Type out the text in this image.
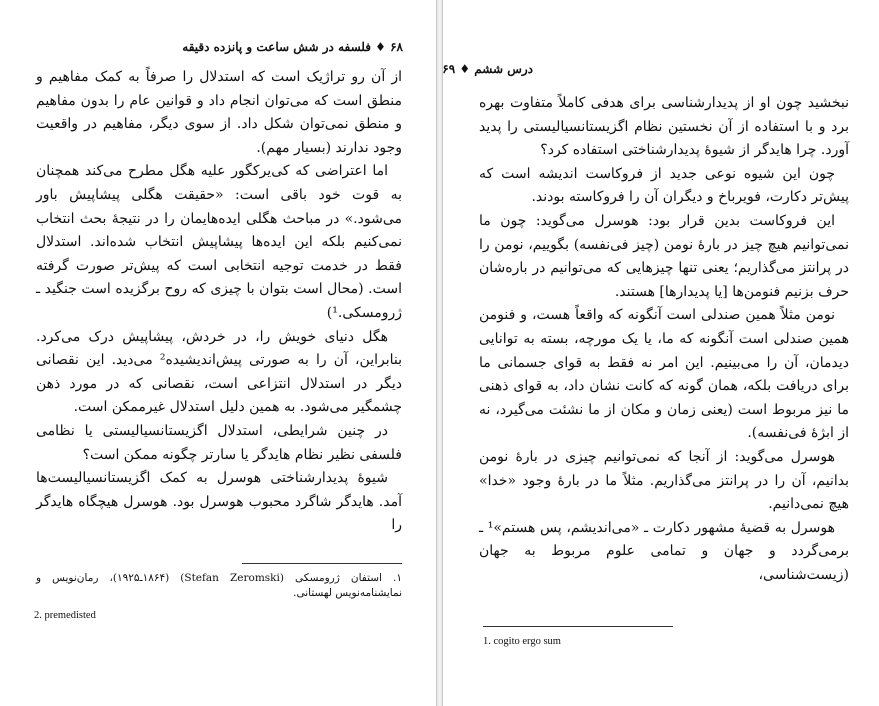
۶۸ ♦ فلسفه در شش ساعت و پانزده دقیقه

از آن رو تراژیک است که استدلال را صرفاً به کمک مفاهیم و منطق است که می‌توان انجام داد و قوانین عام را بدون مفاهیم و منطق نمی‌توان شکل داد. از سوی دیگر، مفاهیم در واقعیت وجود ندارند (بسیار مهم).

اما اعتراضی که کی‌یرکگور علیه هگل مطرح می‌کند همچنان به قوت خود باقی است: «حقیقت هگلی پیشاپیش باور می‌شود.» در مباحث هگلی ایده‌هایمان را در نتیجهٔ بحث انتخاب نمی‌کنیم بلکه این ایده‌ها پیشاپیش انتخاب شده‌اند. استدلال فقط در خدمت توجیه انتخابی است که پیش‌تر صورت گرفته است. (محال است بتوان با چیزی که روح برگزیده است جنگید ـ ژرومسکی.¹)

هگل دنیای خویش را، در خردش، پیشاپیش درک می‌کرد. بنابراین، آن را به صورتی پیش‌اندیشیده² می‌دید. این نقصانی دیگر در استدلال انتزاعی است، نقصانی که در مورد ذهن چشمگیر می‌شود. به همین دلیل استدلال غیرممکن است.

در چنین شرایطی، استدلال اگزیستانسیالیستی یا نظامی فلسفی نظیر نظام هایدگر یا سارتر چگونه ممکن است؟

شیوهٔ پدیدارشناختی هوسرل به کمک اگزیستانسیالیست‌ها آمد. هایدگر شاگرد محبوب هوسرل بود. هوسرل هیچگاه هایدگر را

۱. استفان ژرومسکی (Stefan Zeromski) (۱۸۶۴ـ۱۹۲۵)، رمان‌نویس و نمایشنامه‌نویس لهستانی.
2. premedisted
درس ششم ♦ ۶۹

نبخشید چون او از پدیدارشناسی برای هدفی کاملاً متفاوت بهره برد و با استفاده از آن نخستین نظام اگزیستانسیالیستی را پدید آورد. چرا هایدگر از شیوهٔ پدیدارشناختی استفاده کرد؟

چون این شیوه نوعی جدید از فروکاست اندیشه است که پیش‌تر دکارت، فویرباخ و دیگران آن را فروکاسته بودند.

این فروکاست بدین قرار بود: هوسرل می‌گوید: چون ما نمی‌توانیم هیچ چیز در بارهٔ نومن (چیز فی‌نفسه) بگوییم، نومن را در پرانتز می‌گذاریم؛ یعنی تنها چیزهایی که می‌توانیم در باره‌شان حرف بزنیم فنومن‌ها [یا پدیدارها] هستند.

نومن مثلاً همین صندلی است آنگونه که واقعاً هست، و فنومن همین صندلی است آنگونه که ما، یا یک مورچه، بسته به توانایی دیدمان، آن را می‌بینیم. این امر نه فقط به قوای جسمانی ما برای دریافت بلکه، همان گونه که کانت نشان داد، به قوای ذهنی ما نیز مربوط است (یعنی زمان و مکان از ما نشئت می‌گیرد، نه از ابژهٔ فی‌نفسه).

هوسرل می‌گوید: از آنجا که نمی‌توانیم چیزی در بارهٔ نومن بدانیم، آن را در پرانتز می‌گذاریم. مثلاً ما در بارهٔ وجود «خدا» هیچ نمی‌دانیم.

هوسرل به قضیهٔ مشهور دکارت ـ «می‌اندیشم، پس هستم»¹ ـ برمی‌گردد و جهان و تمامی علوم مربوط به جهان (زیست‌شناسی،

1. cogito ergo sum
